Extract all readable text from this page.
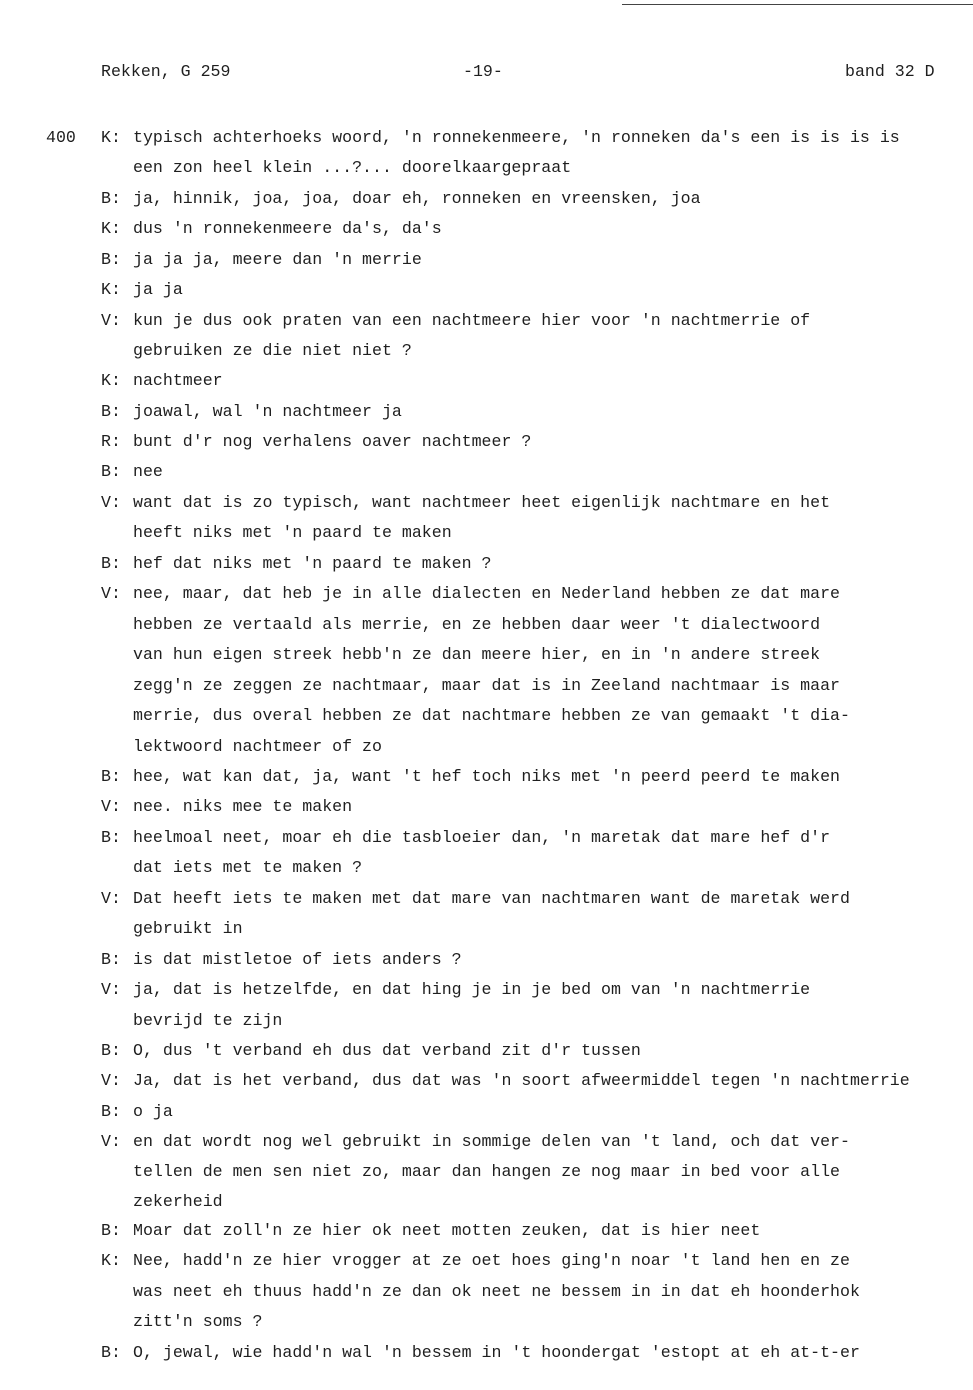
Rekken, G 259	-19-	band 32 D
400 K: typisch achterhoeks woord, 'n ronnekenmeere, 'n ronneken da's een is is is is
een zon heel klein ...?... doorelkaargepraat
B: ja, hinnik, joa, joa, doar eh, ronneken en vreensken, joa
K: dus 'n ronnekenmeere da's, da's
B: ja ja ja, meere dan 'n merrie
K: ja ja
V: kun je dus ook praten van een nachtmeere hier voor 'n nachtmerrie of
gebruiken ze die niet niet ?
K: nachtmeer
B: joawal, wal 'n nachtmeer ja
R: bunt d'r nog verhalens oaver nachtmeer ?
B: nee
V: want dat is zo typisch, want nachtmeer heet eigenlijk nachtmare en het
heeft niks met 'n paard te maken
B: hef dat niks met 'n paard te maken ?
V: nee, maar, dat heb je in alle dialecten en Nederland hebben ze dat mare
hebben ze vertaald als merrie, en ze hebben daar weer 't dialectwoord
van hun eigen streek hebb'n ze dan meere hier, en in 'n andere streek
zegg'n ze zeggen ze nachtmaar, maar dat is in Zeeland nachtmaar is maar
merrie, dus overal hebben ze dat nachtmare hebben ze van gemaakt 't dia-
lektwoord nachtmeer of zo
B: hee, wat kan dat, ja, want 't hef toch niks met 'n peerd peerd te maken
V: nee. niks mee te maken
B: heelmoal neet, moar eh die tasbloeier dan, 'n maretak dat mare hef d'r
dat iets met te maken ?
V: Dat heeft iets te maken met dat mare van nachtmaren want de maretak werd
gebruikt in
B: is dat mistletoe of iets anders ?
V: ja, dat is hetzelfde, en dat hing je in je bed om van 'n nachtmerrie
bevrijd te zijn
B: O, dus 't verband eh dus dat verband zit d'r tussen
V: Ja, dat is het verband, dus dat was 'n soort afweermiddel tegen 'n nachtmerrie
B: o ja
V: en dat wordt nog wel gebruikt in sommige delen van 't land, och dat ver-
tellen de men sen niet zo, maar dan hangen ze nog maar in bed voor alle
zekerheid
B: Moar dat zoll'n ze hier ok neet motten zeuken, dat is hier neet
K: Nee, hadd'n ze hier vrogger at ze oet hoes ging'n noar 't land hen en ze
was neet eh thuus hadd'n ze dan ok neet ne bessem in in dat eh hoonderhok
zitt'n soms ?
B: O, jewal, wie hadd'n wal 'n bessem in 't hoondergat 'estopt at eh at-t-er
